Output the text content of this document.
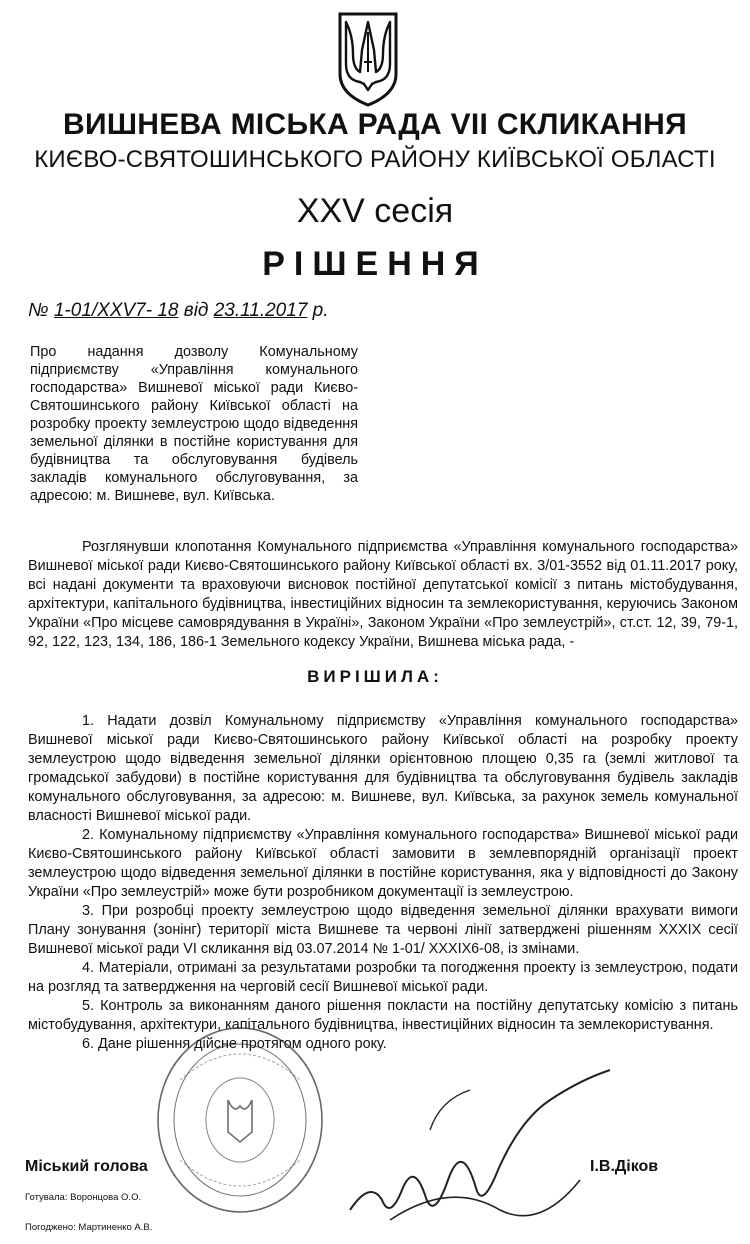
ВИШНЕВА МІСЬКА РАДА VII СКЛИКАННЯ
КИЄВО-СВЯТОШИНСЬКОГО РАЙОНУ КИЇВСЬКОЇ ОБЛАСТІ
XXV сесія
РІШЕННЯ
№ 1-01/XXV7- 18 від 23.11.2017 р.

Про надання дозволу Комунальному підприємству «Управління комунального господарства» Вишневої міської ради Києво-Святошинського району Київської області на розробку проекту землеустрою щодо відведення земельної ділянки в постійне користування для будівництва та обслуговування будівель закладів комунального обслуговування, за адресою: м. Вишневе, вул. Київська.

Розглянувши клопотання Комунального підприємства «Управління комунального господарства» Вишневої міської ради Києво-Святошинського району Київської області вх. 3/01-3552 від 01.11.2017 року, всі надані документи та враховуючи висновок постійної депутатської комісії з питань містобудування, архітектури, капітального будівництва, інвестиційних відносин та землекористування, керуючись Законом України «Про місцеве самоврядування в Україні», Законом України «Про землеустрій», ст.ст. 12, 39, 79-1, 92, 122, 123, 134, 186, 186-1 Земельного кодексу України, Вишнева міська рада, -

ВИРІШИЛА:

1. Надати дозвіл Комунальному підприємству «Управління комунального господарства» Вишневої міської ради Києво-Святошинського району Київської області на розробку проекту землеустрою щодо відведення земельної ділянки орієнтовною площею 0,35 га (землі житлової та громадської забудови) в постійне користування для будівництва та обслуговування будівель закладів комунального обслуговування, за адресою: м. Вишневе, вул. Київська, за рахунок земель комунальної власності Вишневої міської ради.

2. Комунальному підприємству «Управління комунального господарства» Вишневої міської ради Києво-Святошинського району Київської області замовити в землевпорядній організації проект землеустрою щодо відведення земельної ділянки в постійне користування, яка у відповідності до Закону України «Про землеустрій» може бути розробником документації із землеустрою.

3. При розробці проекту землеустрою щодо відведення земельної ділянки врахувати вимоги Плану зонування (зонінг) території міста Вишневе та червоні лінії затверджені рішенням XXXIX сесії Вишневої міської ради VI скликання від 03.07.2014 № 1-01/ XXXIX6-08, із змінами.

4. Матеріали, отримані за результатами розробки та погодження проекту із землеустрою, подати на розгляд та затвердження на черговій сесії Вишневої міської ради.

5. Контроль за виконанням даного рішення покласти на постійну депутатську комісію з питань містобудування, архітектури, капітального будівництва, інвестиційних відносин та землекористування.

6. Дане рішення дійсне протягом одного року.

Міський голова	І.В.Діков
Готувала: Воронцова О.О.
Погоджено: Мартиненко А.В.
